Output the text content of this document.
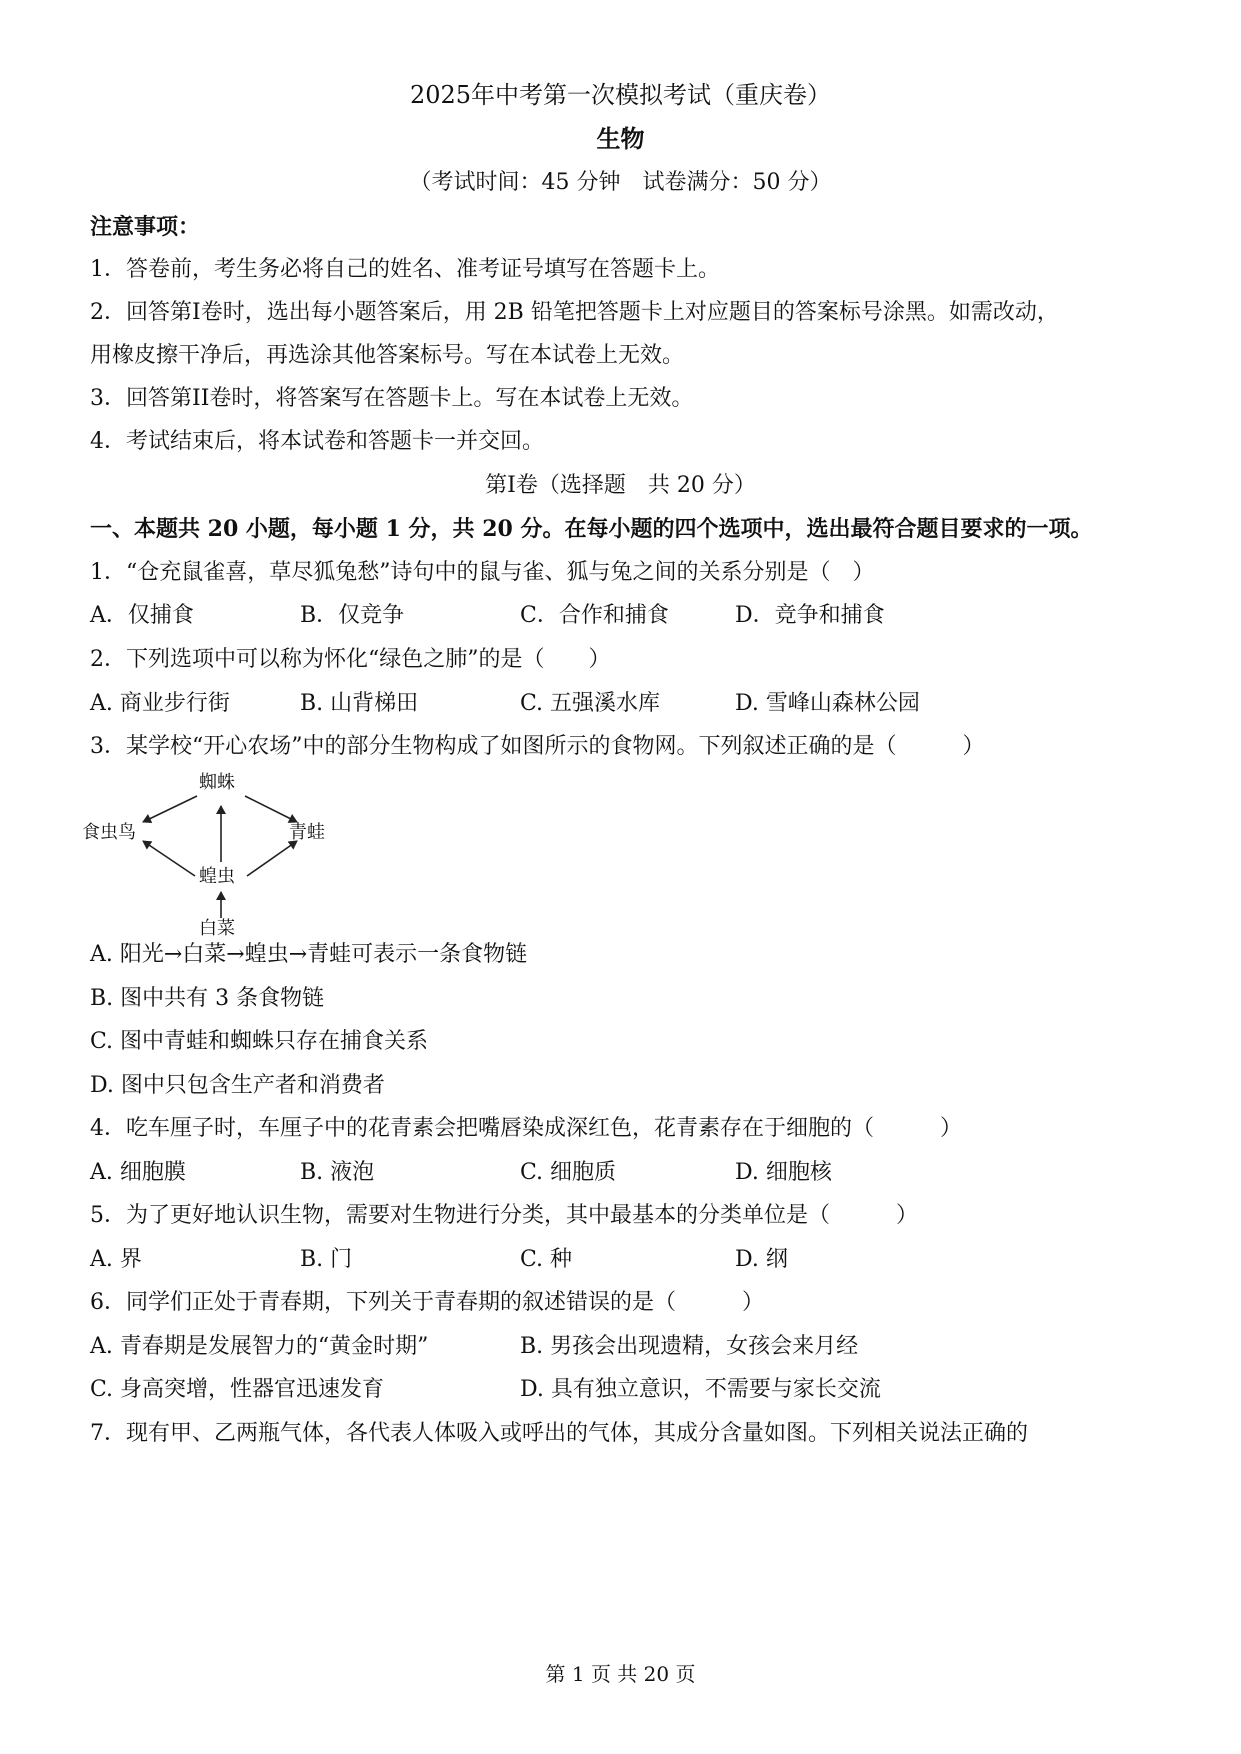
2025年中考第一次模拟考试（重庆卷）
生物
（考试时间：45 分钟　试卷满分：50 分）
注意事项：
1．答卷前，考生务必将自己的姓名、准考证号填写在答题卡上。
2．回答第I卷时，选出每小题答案后，用 2B 铅笔把答题卡上对应题目的答案标号涂黑。如需改动，
用橡皮擦干净后，再选涂其他答案标号。写在本试卷上无效。
3．回答第II卷时，将答案写在答题卡上。写在本试卷上无效。
4．考试结束后，将本试卷和答题卡一并交回。
第I卷（选择题　共 20 分）
一、本题共 20 小题，每小题 1 分，共 20 分。在每小题的四个选项中，选出最符合题目要求的一项。
1．“仓充鼠雀喜，草尽狐兔愁”诗句中的鼠与雀、狐与兔之间的关系分别是（　）
A．仅捕食	B．仅竞争	C．合作和捕食	D．竞争和捕食
2．下列选项中可以称为怀化“绿色之肺”的是（　　）
A. 商业步行街	B. 山背梯田	C. 五强溪水库	D. 雪峰山森林公园
3．某学校“开心农场”中的部分生物构成了如图所示的食物网。下列叙述正确的是（　　　）
蜘蛛
食虫鸟	青蛙
蝗虫
白菜
A. 阳光→白菜→蝗虫→青蛙可表示一条食物链
B. 图中共有 3 条食物链
C. 图中青蛙和蜘蛛只存在捕食关系
D. 图中只包含生产者和消费者
4．吃车厘子时，车厘子中的花青素会把嘴唇染成深红色，花青素存在于细胞的（　　　）
A. 细胞膜	B. 液泡	C. 细胞质	D. 细胞核
5．为了更好地认识生物，需要对生物进行分类，其中最基本的分类单位是（　　　）
A. 界	B. 门	C. 种	D. 纲
6．同学们正处于青春期，下列关于青春期的叙述错误的是（　　　）
A. 青春期是发展智力的“黄金时期”	B. 男孩会出现遗精，女孩会来月经
C. 身高突增，性器官迅速发育	D. 具有独立意识，不需要与家长交流
7．现有甲、乙两瓶气体，各代表人体吸入或呼出的气体，其成分含量如图。下列相关说法正确的
第 1 页 共 20 页
